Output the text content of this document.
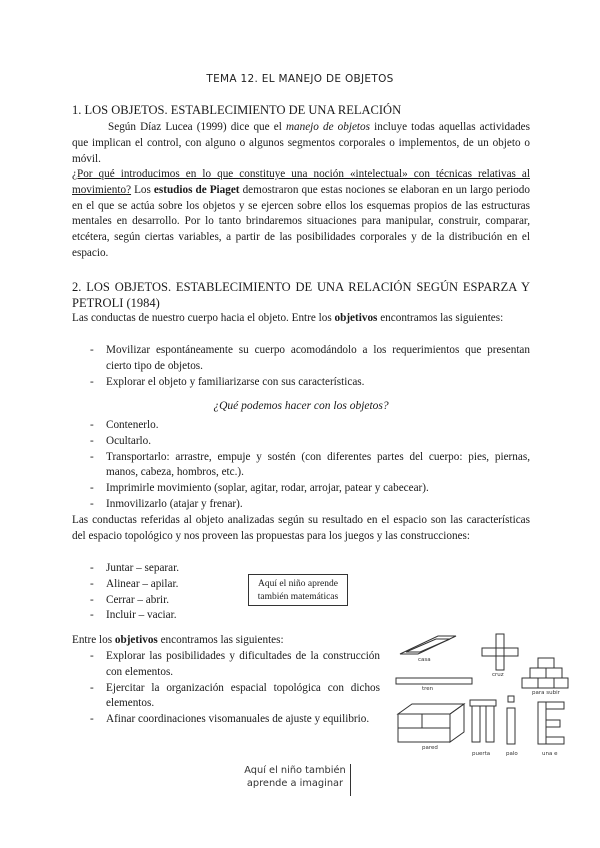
TEMA 12. EL MANEJO DE OBJETOS
1. LOS OBJETOS. ESTABLECIMIENTO DE UNA RELACIÓN
Según Díaz Lucea (1999) dice que el manejo de objetos incluye todas aquellas actividades que implican el control, con alguno o algunos segmentos corporales o implementos, de un objeto o móvil.
¿Por qué introducimos en lo que constituye una noción «intelectual» con técnicas relativas al movimiento? Los estudios de Piaget demostraron que estas nociones se elaboran en un largo periodo en el que se actúa sobre los objetos y se ejercen sobre ellos los esquemas propios de las estructuras mentales en desarrollo. Por lo tanto brindaremos situaciones para manipular, construir, comparar, etcétera, según ciertas variables, a partir de las posibilidades corporales y de la distribución en el espacio.
2. LOS OBJETOS. ESTABLECIMIENTO DE UNA RELACIÓN SEGÚN ESPARZA Y PETROLI (1984)
Las conductas de nuestro cuerpo hacia el objeto. Entre los objetivos encontramos las siguientes:
- Movilizar espontáneamente su cuerpo acomodándolo a los requerimientos que presentan cierto tipo de objetos.
- Explorar el objeto y familiarizarse con sus características.
¿Qué podemos hacer con los objetos?
- Contenerlo.
- Ocultarlo.
- Transportarlo: arrastre, empuje y sostén (con diferentes partes del cuerpo: pies, piernas, manos, cabeza, hombros, etc.).
- Imprimirle movimiento (soplar, agitar, rodar, arrojar, patear y cabecear).
- Inmovilizarlo (atajar y frenar).
Las conductas referidas al objeto analizadas según su resultado en el espacio son las características del espacio topológico y nos proveen las propuestas para los juegos y las construcciones:
- Juntar – separar.
- Alinear – apilar.
- Cerrar – abrir.
- Incluir – vaciar.
Aquí el niño aprende también matemáticas
Entre los objetivos encontramos las siguientes:
- Explorar las posibilidades y dificultades de la construcción con elementos.
- Ejercitar la organización espacial topológica con dichos elementos.
- Afinar coordinaciones visomanuales de ajuste y equilibrio.
casa
cruz
tren
para subir
pared
puerta	palo	una e
Aquí el niño también
aprende a imaginar
